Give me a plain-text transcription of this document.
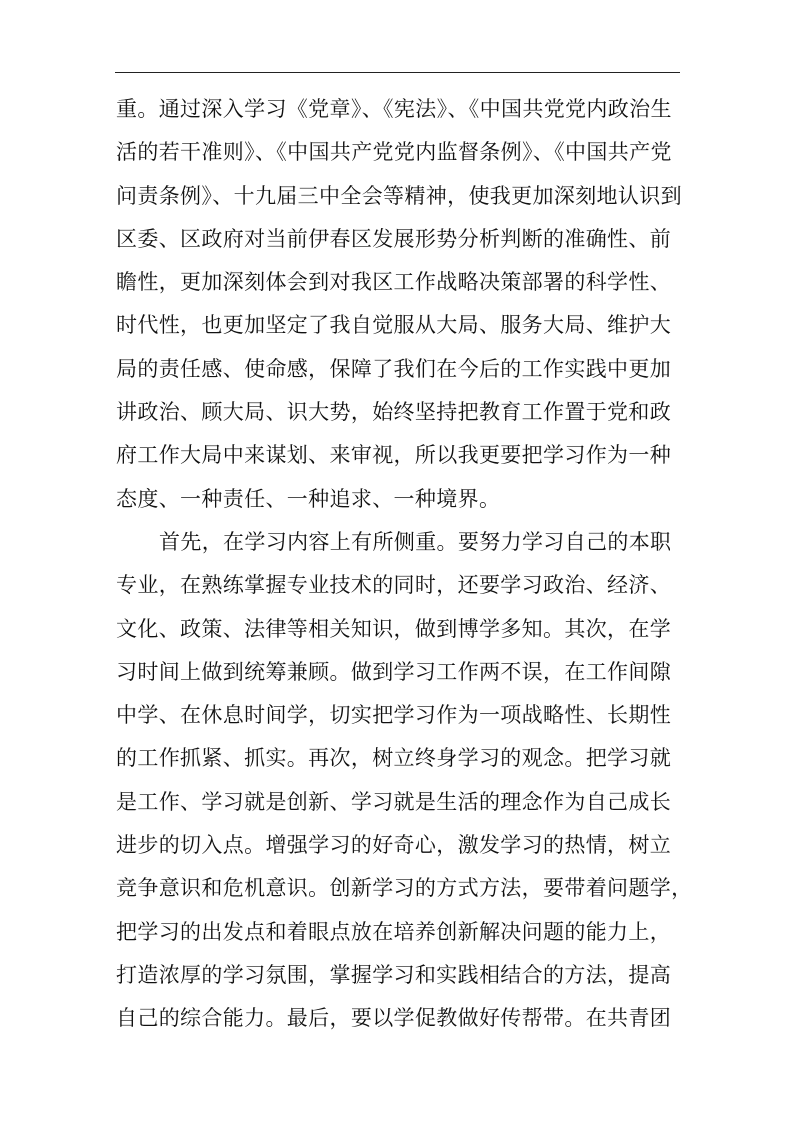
重。通过深入学习《党章》、《宪法》、《中国共党党内政治生
活的若干准则》、《中国共产党党内监督条例》、《中国共产党
问责条例》、十九届三中全会等精神，使我更加深刻地认识到
区委、区政府对当前伊春区发展形势分析判断的准确性、前
瞻性，更加深刻体会到对我区工作战略决策部署的科学性、
时代性，也更加坚定了我自觉服从大局、服务大局、维护大
局的责任感、使命感，保障了我们在今后的工作实践中更加
讲政治、顾大局、识大势，始终坚持把教育工作置于党和政
府工作大局中来谋划、来审视，所以我更要把学习作为一种
态度、一种责任、一种追求、一种境界。
首先，在学习内容上有所侧重。要努力学习自己的本职
专业，在熟练掌握专业技术的同时，还要学习政治、经济、
文化、政策、法律等相关知识，做到博学多知。其次，在学
习时间上做到统筹兼顾。做到学习工作两不误，在工作间隙
中学、在休息时间学，切实把学习作为一项战略性、长期性
的工作抓紧、抓实。再次，树立终身学习的观念。把学习就
是工作、学习就是创新、学习就是生活的理念作为自己成长
进步的切入点。增强学习的好奇心，激发学习的热情，树立
竞争意识和危机意识。创新学习的方式方法，要带着问题学，
把学习的出发点和着眼点放在培养创新解决问题的能力上，
打造浓厚的学习氛围，掌握学习和实践相结合的方法，提高
自己的综合能力。最后，要以学促教做好传帮带。在共青团
